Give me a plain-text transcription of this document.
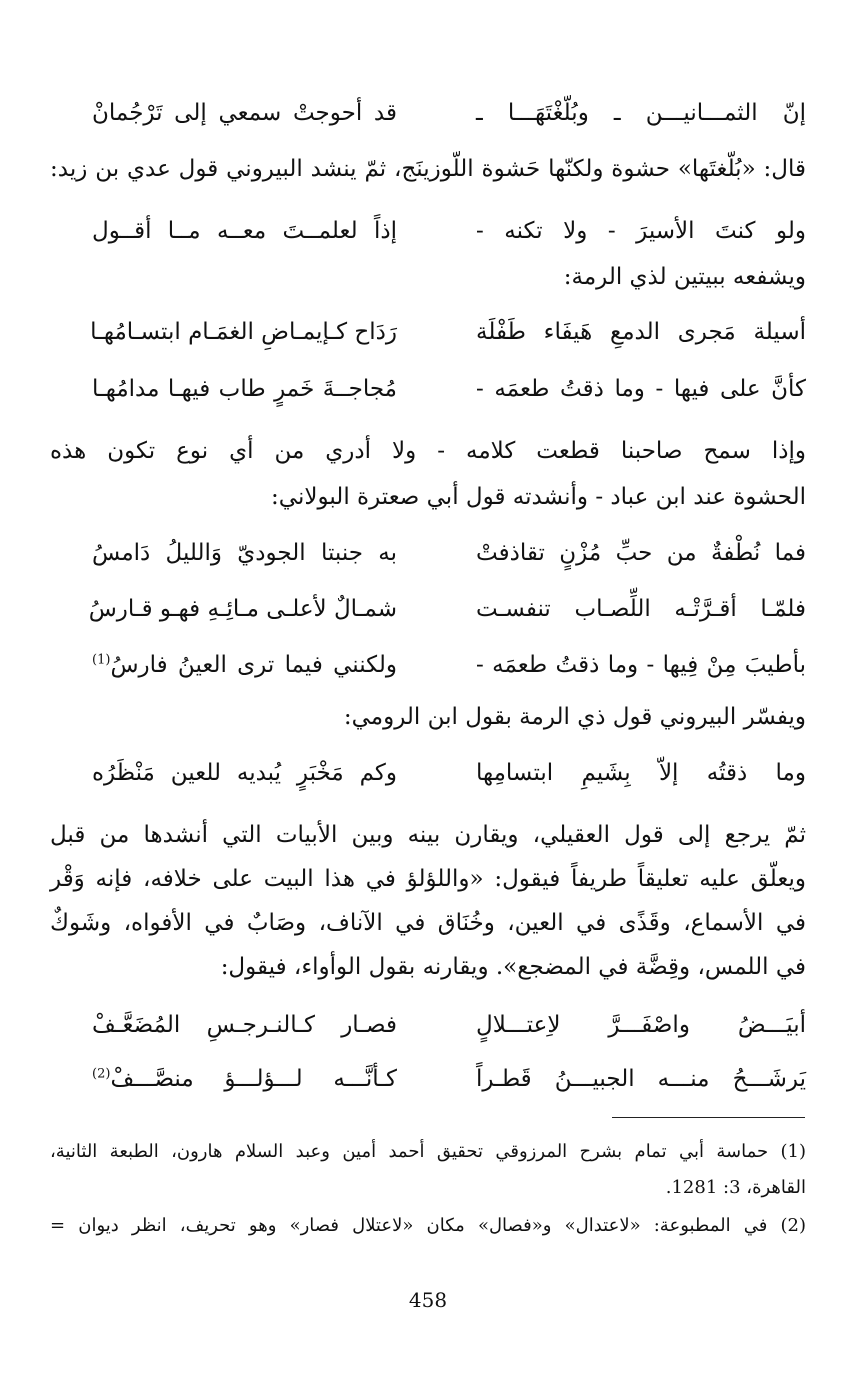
إنّ الثمـــانيـــن ـ وبُلّغْتَهَـــا ـ
قد أحوجتْ سمعي إلى تَرْجُمانْ
قال: «بُلّغتَها» حشوة ولكنّها حَشوة اللّوزينَج، ثمّ ينشد البيروني قول عدي بن زيد:
ولو كنتَ الأسيرَ - ولا تكنه -
إذاً لعلمــتَ معــه مــا أقــول
ويشفعه ببيتين لذي الرمة:
أسيلة مَجرى الدمعِ هَيفَاء طَفْلَة
رَدَاح كـإيمـاضِ الغمَـام ابتسـامُهـا
كأنَّ على فيها - وما ذقتُ طعمَه -
مُجاجــةَ خَمرٍ طاب فيهـا مدامُهـا
وإذا سمح صاحبنا قطعت كلامه - ولا أدري من أي نوع تكون هذه
الحشوة عند ابن عباد - وأنشدته قول أبي صعترة البولاني:
فما نُطْفةٌ من حبِّ مُزْنٍ تقاذفتْ
به جنبتا الجوديّ وَالليلُ دَامسُ
فلمّـا أقـرَّتْـه اللِّصـاب تنفسـت
شمـالٌ لأعلـى مـائِـهِ فهـو قـارسُ
بأطيبَ مِنْ فِيها - وما ذقتُ طعمَه -
ولكنني فيما ترى العينُ فارسُ$^{(1)}$
ويفسّر البيروني قول ذي الرمة بقول ابن الرومي:
وما ذقتُه إلاّ بِشَيمِ ابتسامِها
وكم مَخْبَرٍ يُبديه للعين مَنْظَرُه
ثمّ يرجع إلى قول العقيلي، ويقارن بينه وبين الأبيات التي أنشدها من قبل
ويعلّق عليه تعليقاً طريفاً فيقول: «واللؤلؤ في هذا البيت على خلافه، فإنه وَقْر
في الأسماع، وقَذًى في العين، وخُنَاق في الآناف، وصَابٌ في الأفواه، وشَوكٌ
في اللمس، وقِضَّة في المضجع». ويقارنه بقول الوأواء، فيقول:
أبيَـــضُ واصْفَـــرَّ لاِعتـــلالٍ
فصـار كـالنـرجـسِ المُضَعَّـفْ
يَرشَـــحُ منـــه الجبيـــنُ قَطـراً
كـأنَّـــه لـــؤلـــؤ منصَّـــفْ$^{(2)}$
(1) حماسة أبي تمام بشرح المرزوقي تحقيق أحمد أمين وعبد السلام هارون، الطبعة الثانية،
القاهرة، 3: 1281.
(2) في المطبوعة: «لاعتدال» و«فصال» مكان «لاعتلال فصار» وهو تحريف، انظر ديوان =
458
